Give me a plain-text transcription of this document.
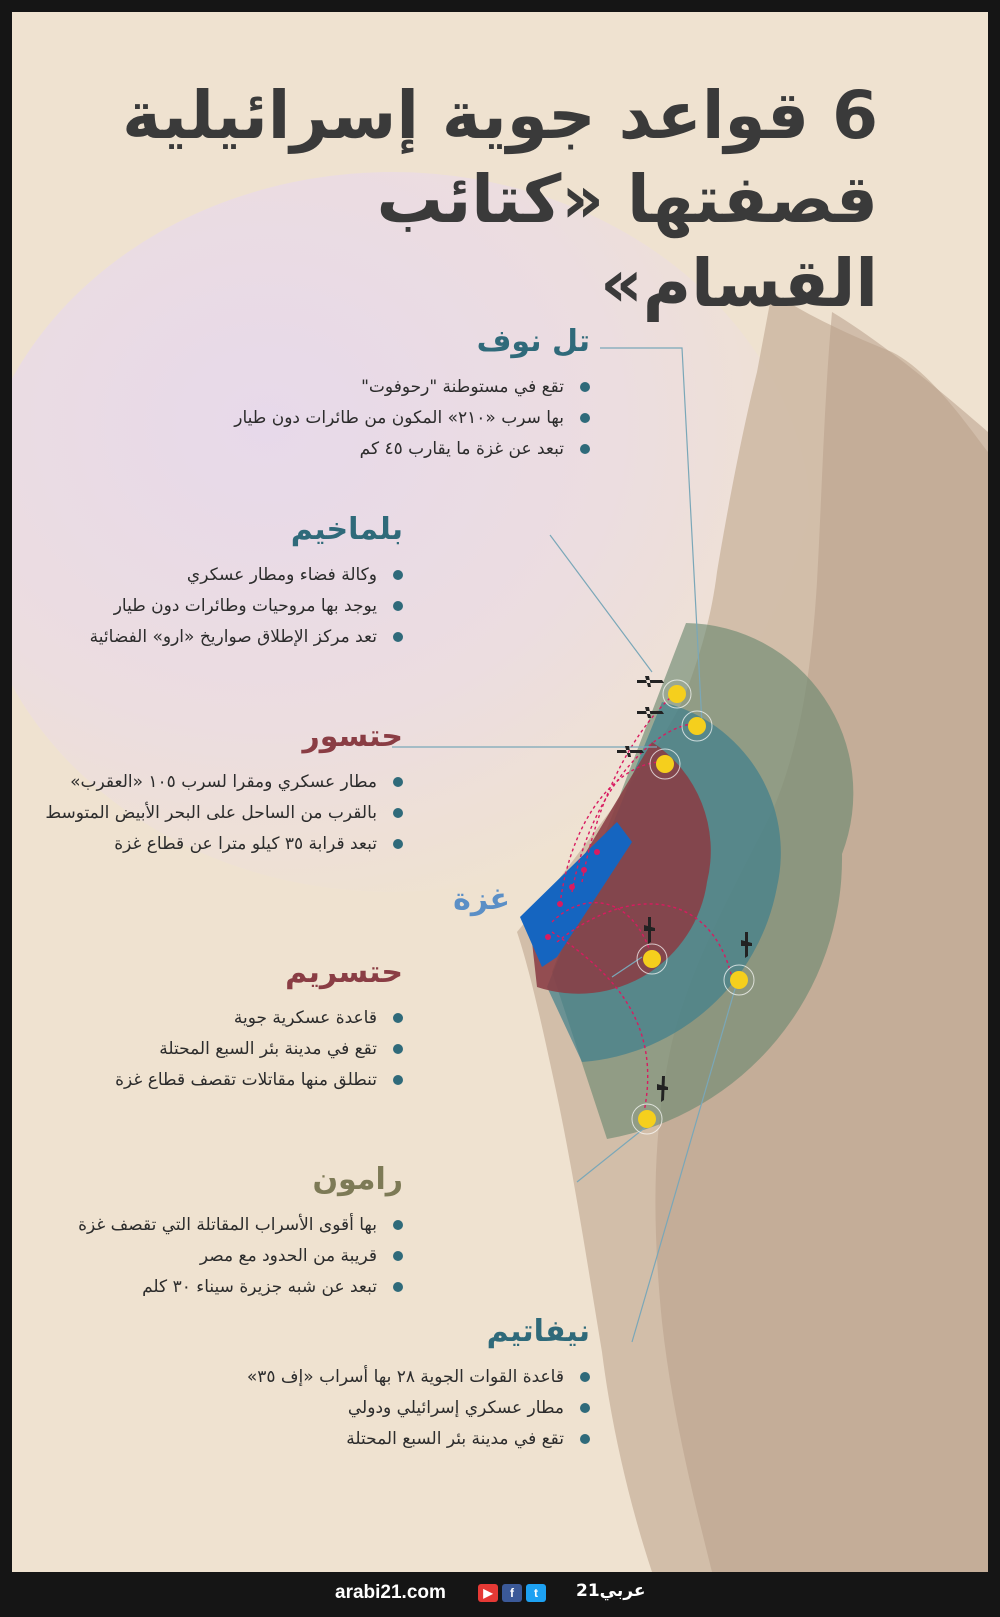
6 قواعد جوية إسرائيلية
قصفتها «كتائب القسام»
تل نوف
تقع في مستوطنة "رحوفوت"
بها سرب «٢١٠» المكون من طائرات دون طيار
تبعد عن غزة ما يقارب ٤٥ كم
بلماخيم
وكالة فضاء ومطار عسكري
يوجد بها مروحيات وطائرات دون طيار
تعد مركز الإطلاق صواريخ «ارو» الفضائية
حتسور
مطار عسكري ومقرا لسرب ١٠٥ «العقرب»
بالقرب من الساحل على البحر الأبيض المتوسط
تبعد قرابة ٣٥ كيلو مترا عن قطاع غزة
غزة
حتسريم
قاعدة عسكرية جوية
تقع في مدينة بئر السبع المحتلة
تنطلق منها مقاتلات تقصف قطاع غزة
رامون
بها أقوى الأسراب المقاتلة التي تقصف غزة
قريبة من الحدود مع مصر
تبعد عن شبه جزيرة سيناء ٣٠ كلم
نيفاتيم
قاعدة القوات الجوية ٢٨ بها أسراب «إف ٣٥»
مطار عسكري إسرائيلي ودولي
تقع في مدينة بئر السبع المحتلة
arabi21.com	▶	f	t	عربي21
